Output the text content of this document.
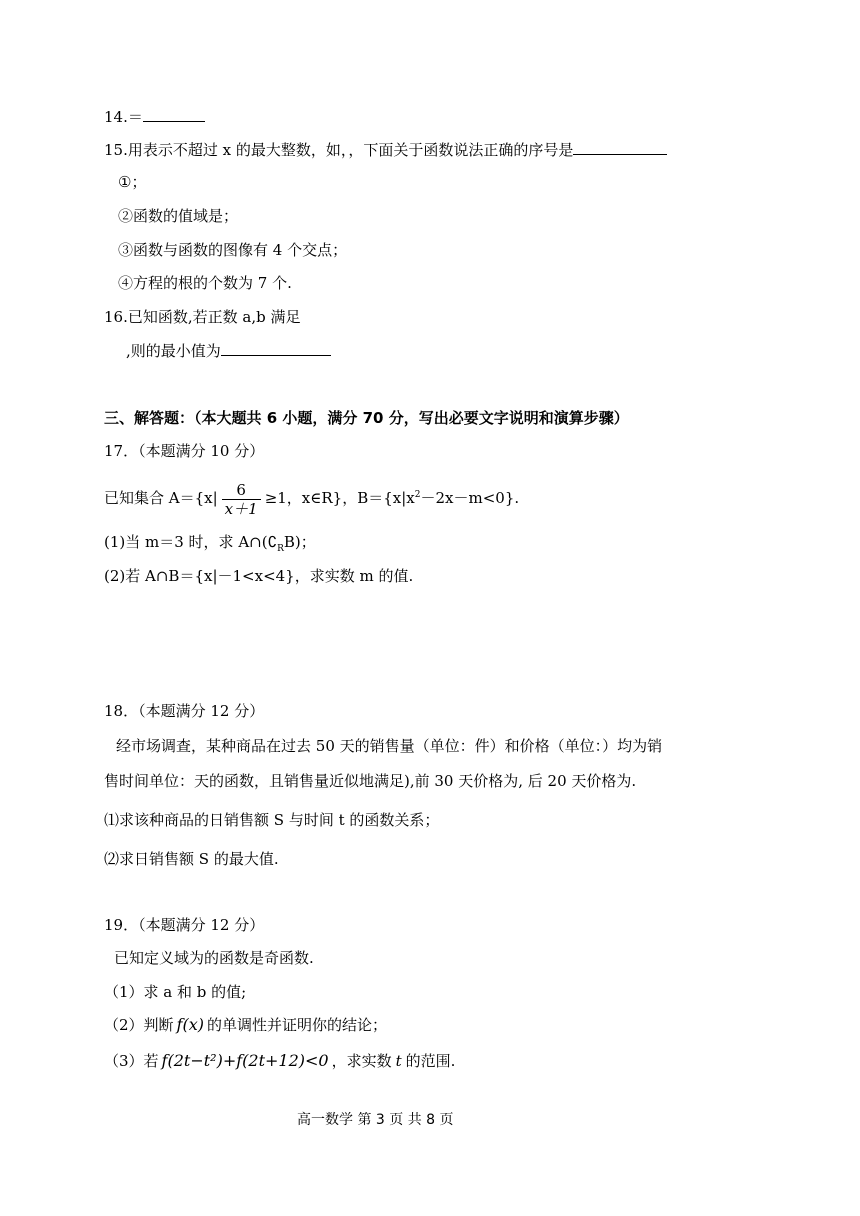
14.＝
15.用表示不超过 x 的最大整数，如，，下面关于函数说法正确的序号是
①；
②函数的值域是；
③函数与函数的图像有 4 个交点；
④方程的根的个数为 7 个.
16.已知函数,若正数 a,b 满足
,则的最小值为
三、解答题：（本大题共 6 小题，满分 70 分，写出必要文字说明和演算步骤）
17．（本题满分 10 分）
已知集合 $A=\{x| \frac{6}{x+1} \ge 1$，x∈R}，$B=\{x|x^2-2x-m<0\}$.
(1)当 m＝3 时，求 $A\cap(∁_RB)$；
(2)若 A∩B＝{x|－1<x<4}，求实数 m 的值.
18．（本题满分 12 分）
经市场调查，某种商品在过去 50 天的销售量（单位：件）和价格（单位：）均为销
售时间单位：天的函数，且销售量近似地满足),前 30 天价格为, 后 20 天价格为.
⑴求该种商品的日销售额 S 与时间 t 的函数关系；
⑵求日销售额 S 的最大值.
19．（本题满分 12 分）
已知定义域为的函数是奇函数.
（1）求 a 和 b 的值;
（2）判断 f(x) 的单调性并证明你的结论；
（3）若 f(2t−t²)+f(2t+12)<0 ，求实数 t 的范围.
高一数学 第 3 页 共 8 页
